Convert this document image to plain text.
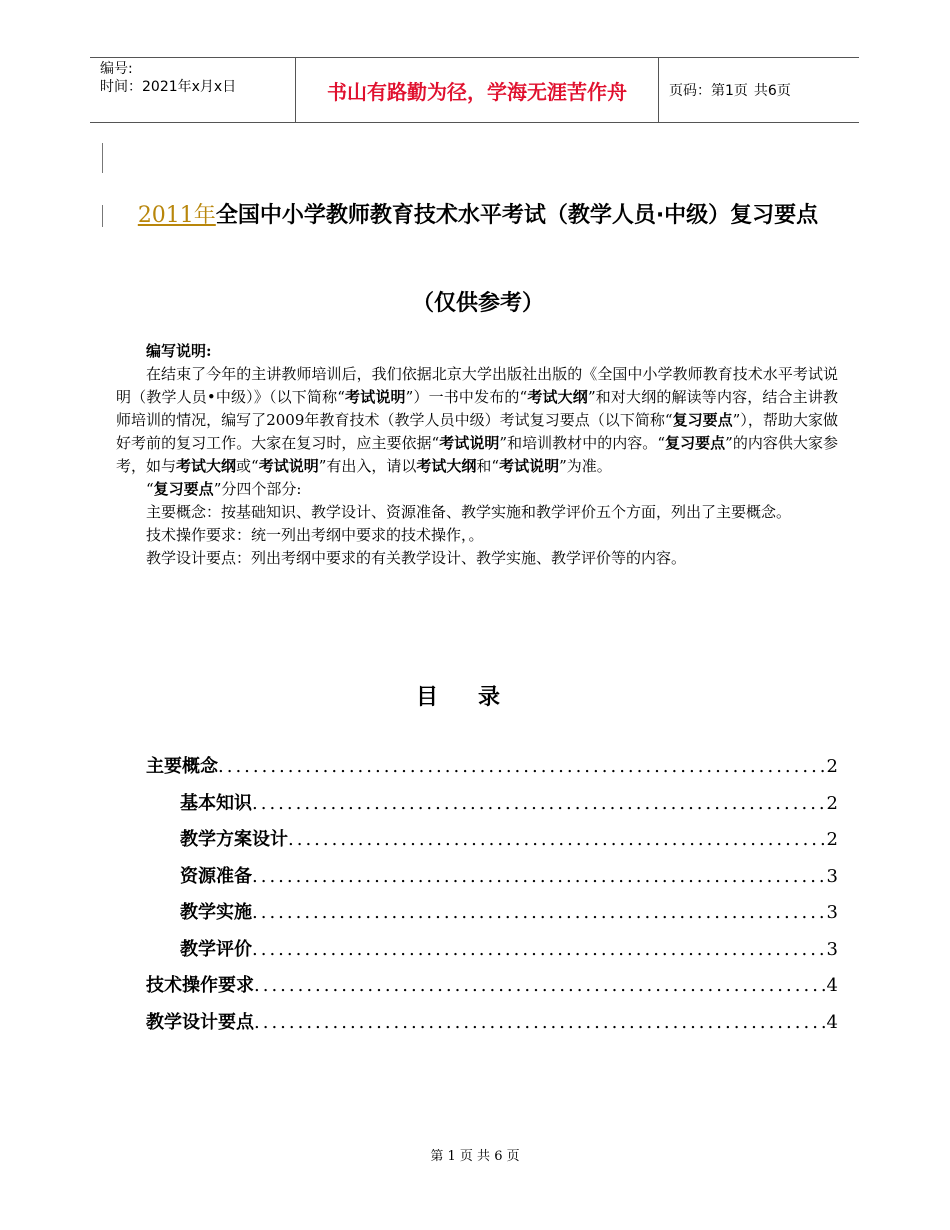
编号:
时间：2021年x月x日	书山有路勤为径，学海无涯苦作舟	页码：第1页 共6页
2011年全国中小学教师教育技术水平考试（教学人员·中级）复习要点
（仅供参考）

编写说明:

在结束了今年的主讲教师培训后，我们依据北京大学出版社出版的《全国中小学教师教育技术水平考试说明（教学人员•中级）》（以下简称“考试说明”）一书中发布的“考试大纲”和对大纲的解读等内容，结合主讲教师培训的情况，编写了2009年教育技术（教学人员中级）考试复习要点（以下简称“复习要点”），帮助大家做好考前的复习工作。大家在复习时，应主要依据“考试说明”和培训教材中的内容。“复习要点”的内容供大家参考，如与考试大纲或“考试说明”有出入，请以考试大纲和“考试说明”为准。

“复习要点”分四个部分:

主要概念：按基础知识、教学设计、资源准备、教学实施和教学评价五个方面，列出了主要概念。

技术操作要求：统一列出考纲中要求的技术操作，。

教学设计要点：列出考纲中要求的有关教学设计、教学实施、教学评价等的内容。

目录
主要概念 .....	2
基本知识 .....	2
教学方案设计 .....	2
资源准备 .....	3
教学实施 .....	3
教学评价 .....	3
技术操作要求 .....	4
教学设计要点 .....	4
第 1 页 共 6 页
